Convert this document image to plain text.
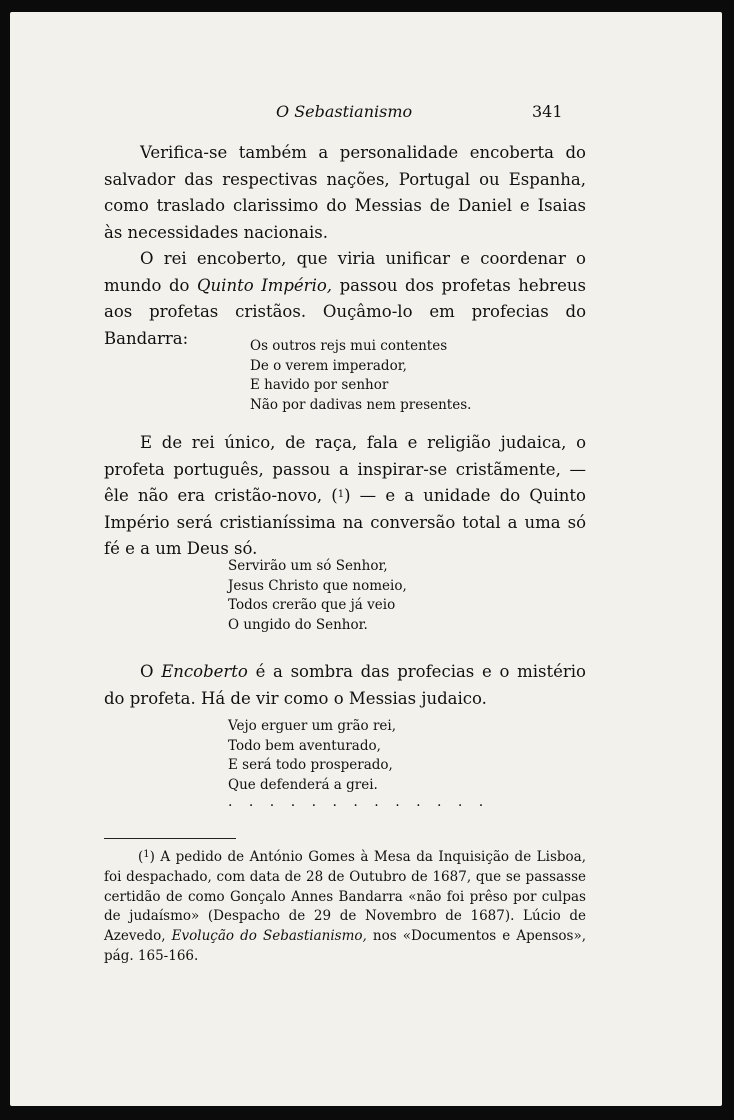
O Sebastianismo	341

Verifica-se também a personalidade encoberta do salvador das respectivas nações, Portugal ou Espanha, como traslado clarissimo do Messias de Daniel e Isaias às necessidades nacionais.

O rei encoberto, que viria unificar e coordenar o mundo do Quinto Império, passou dos profetas hebreus aos profetas cristãos. Ouçâmo-lo em profecias do Bandarra:	Os outros rejs mui contentes
De o verem imperador,
E havido por senhor
Não por dadivas nem presentes.

E de rei único, de raça, fala e religião judaica, o profeta português, passou a inspirar-se cristãmente, — êle não era cristão-novo, ($^1$) — e a unidade do Quinto Império será cristianíssima na conversão total a uma só fé e a um Deus só.

Servirão um só Senhor,
Jesus Christo que nomeio,
Todos crerão que já veio
O ungido do Senhor.

O Encoberto é a sombra das profecias e o mistério do profeta. Há de vir como o Messias judaico.

Vejo erguer um grão rei,
Todo bem aventurado,
E será todo prosperado,
Que defenderá a grei.
. . . . . . . . . . . . .

($^1$) A pedido de António Gomes à Mesa da Inquisição de Lisboa, foi despachado, com data de 28 de Outubro de 1687, que se passasse certidão de como Gonçalo Annes Bandarra «não foi prêso por culpas de judaísmo» (Despacho de 29 de Novembro de 1687). Lúcio de Azevedo, Evolução do Sebastianismo, nos «Documentos e Apensos», pág. 165-166.
